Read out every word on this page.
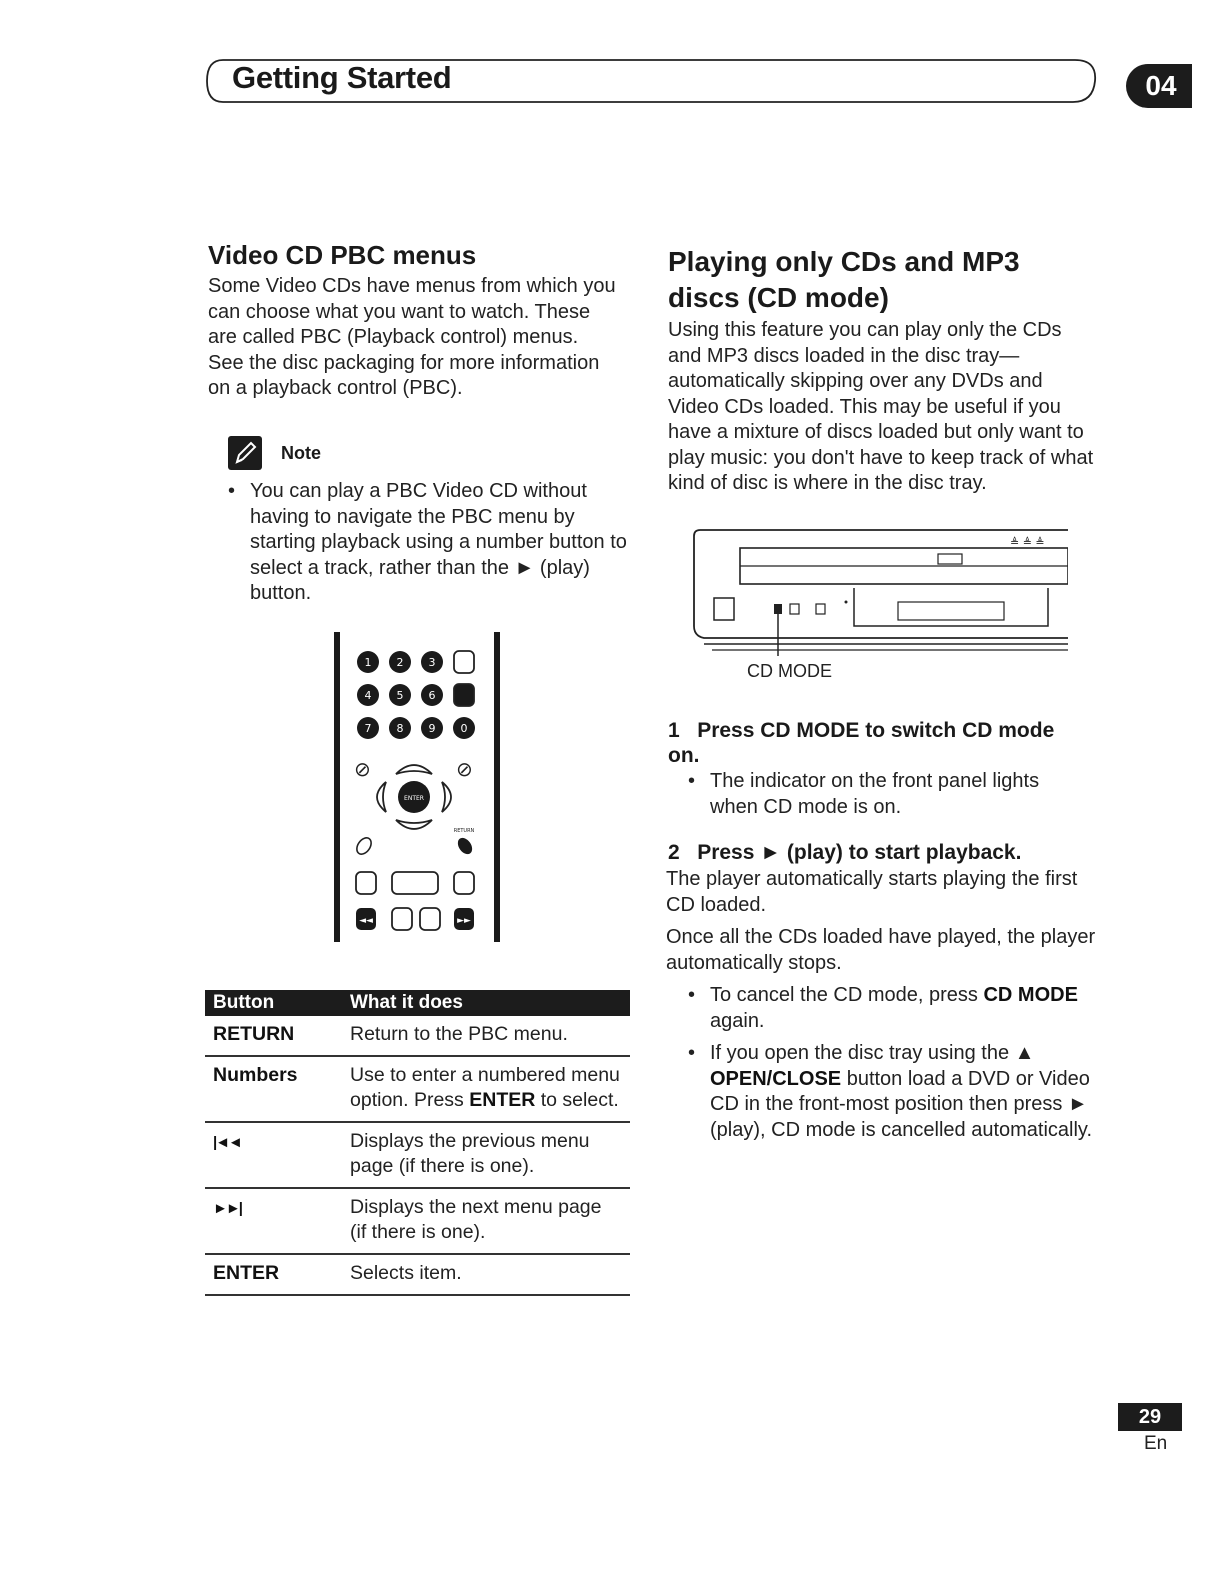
Getting Started	04
Video CD PBC menus
Some Video CDs have menus from which you can choose what you want to watch. These are called PBC (Playback control) menus. See the disc packaging for more information on a playback control (PBC).
Note
• You can play a PBC Video CD without having to navigate the PBC menu by starting playback using a number button to select a track, rather than the ► (play) button.
1 2 3
4 5 6
7 8 9 0
⊘	⊘
ENTER
RETURN
◄◄	►►
Button	What it does
RETURN	Return to the PBC menu.
Numbers	Use to enter a numbered menu option. Press ENTER to select.
|◄◄	Displays the previous menu page (if there is one).
►►|	Displays the next menu page (if there is one).
ENTER	Selects item.
Playing only CDs and MP3 discs (CD mode)
Using this feature you can play only the CDs and MP3 discs loaded in the disc tray—automatically skipping over any DVDs and Video CDs loaded. This may be useful if you have a mixture of discs loaded but only want to play music: you don't have to keep track of what kind of disc is where in the disc tray.
≜ ≜ ≜
CD MODE
1 Press CD MODE to switch CD mode on.
• The indicator on the front panel lights when CD mode is on.
2 Press ► (play) to start playback.
The player automatically starts playing the first CD loaded.
Once all the CDs loaded have played, the player automatically stops.
• To cancel the CD mode, press CD MODE again.
• If you open the disc tray using the ▲ OPEN/CLOSE button load a DVD or Video CD in the front-most position then press ► (play), CD mode is cancelled automatically.
29
En
